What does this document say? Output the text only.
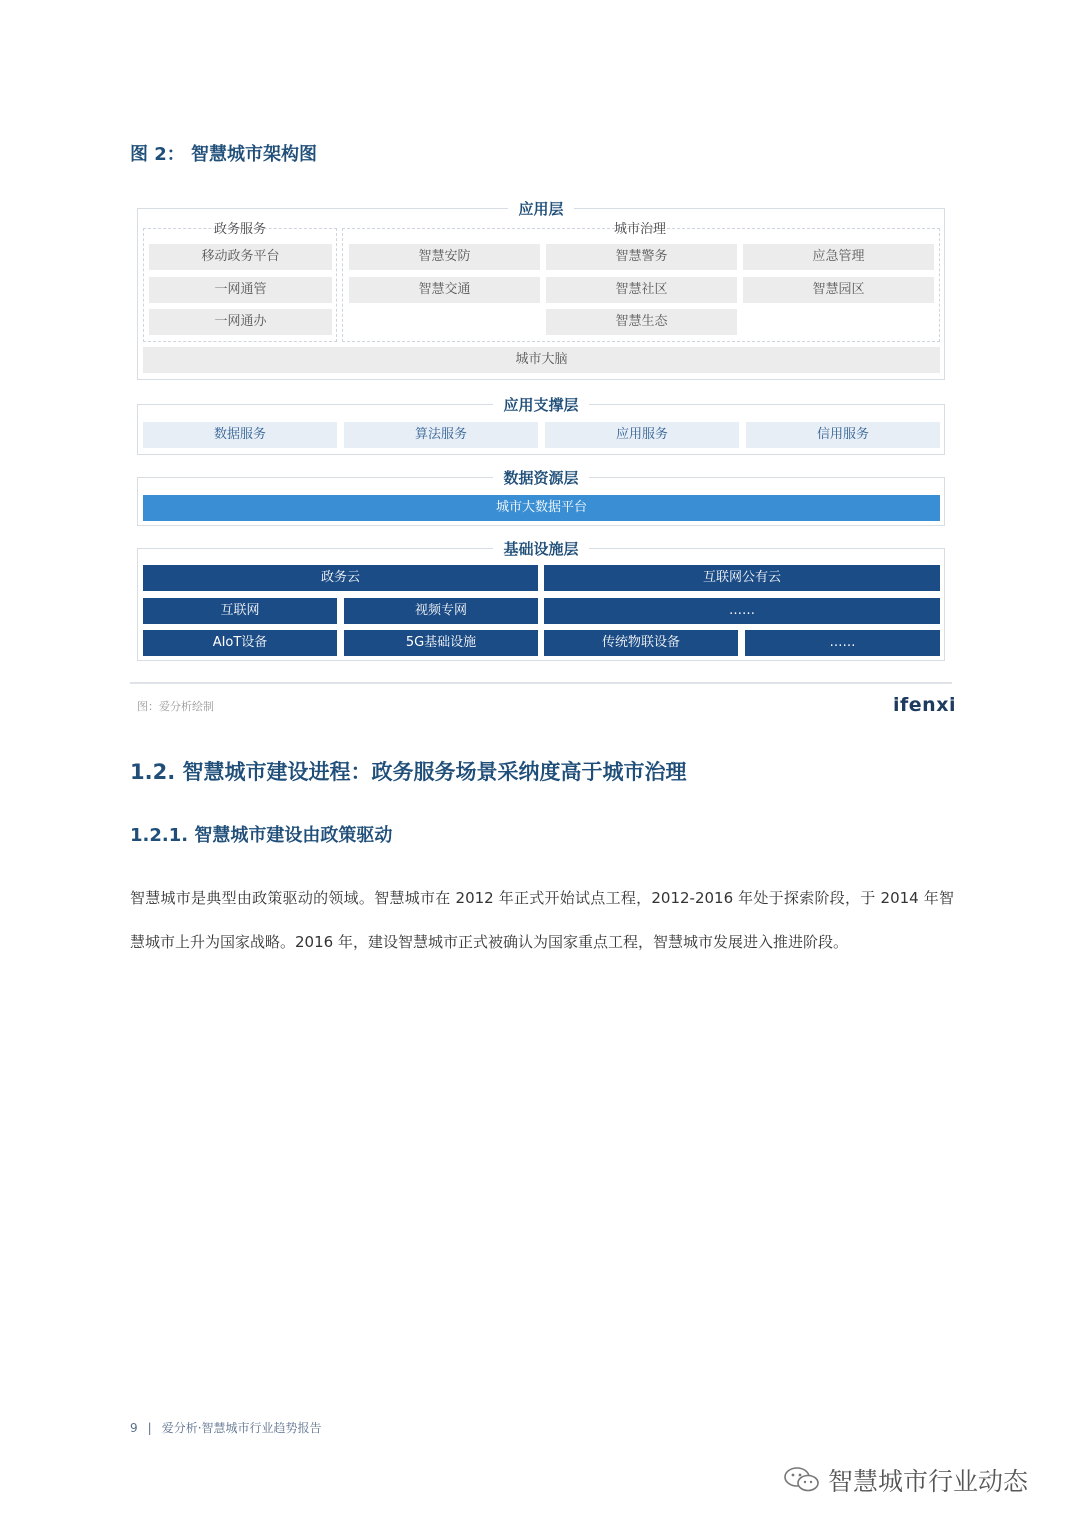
图 2： 智慧城市架构图
应用层
政务服务	城市治理
移动政务平台
一网通管
一网通办
智慧安防	智慧警务	应急管理
智慧交通	智慧社区	智慧园区
智慧生态
城市大脑
应用支撑层
数据服务	算法服务	应用服务	信用服务
数据资源层
城市大数据平台
基础设施层
政务云	互联网公有云
互联网	视频专网	……
AIoT设备	5G基础设施	传统物联设备	……
图：爱分析绘制	ifenxi
1.2. 智慧城市建设进程：政务服务场景采纳度高于城市治理
1.2.1. 智慧城市建设由政策驱动
智慧城市是典型由政策驱动的领域。智慧城市在 2012 年正式开始试点工程，2012-2016 年处于探索阶段，于 2014 年智慧城市上升为国家战略。2016 年，建设智慧城市正式被确认为国家重点工程，智慧城市发展进入推进阶段。
9 | 爱分析·智慧城市行业趋势报告
智慧城市行业动态
